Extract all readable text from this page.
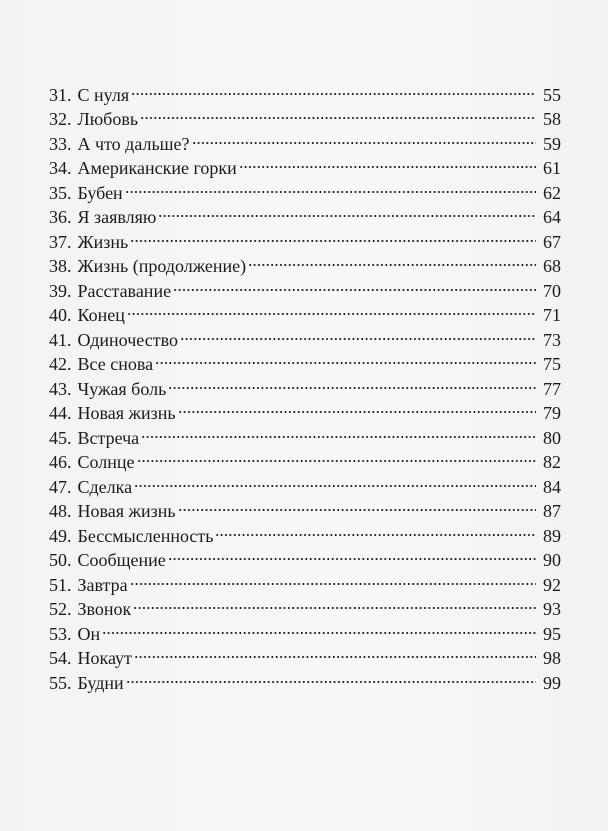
31. С нуля	55
32. Любовь	58
33. А что дальше?	59
34. Американские горки	61
35. Бубен	62
36. Я заявляю	64
37. Жизнь	67
38. Жизнь (продолжение)	68
39. Расставание	70
40. Конец	71
41. Одиночество	73
42. Все снова	75
43. Чужая боль	77
44. Новая жизнь	79
45. Встреча	80
46. Солнце	82
47. Сделка	84
48. Новая жизнь	87
49. Бессмысленность	89
50. Сообщение	90
51. Завтра	92
52. Звонок	93
53. Он	95
54. Нокаут	98
55. Будни	99
